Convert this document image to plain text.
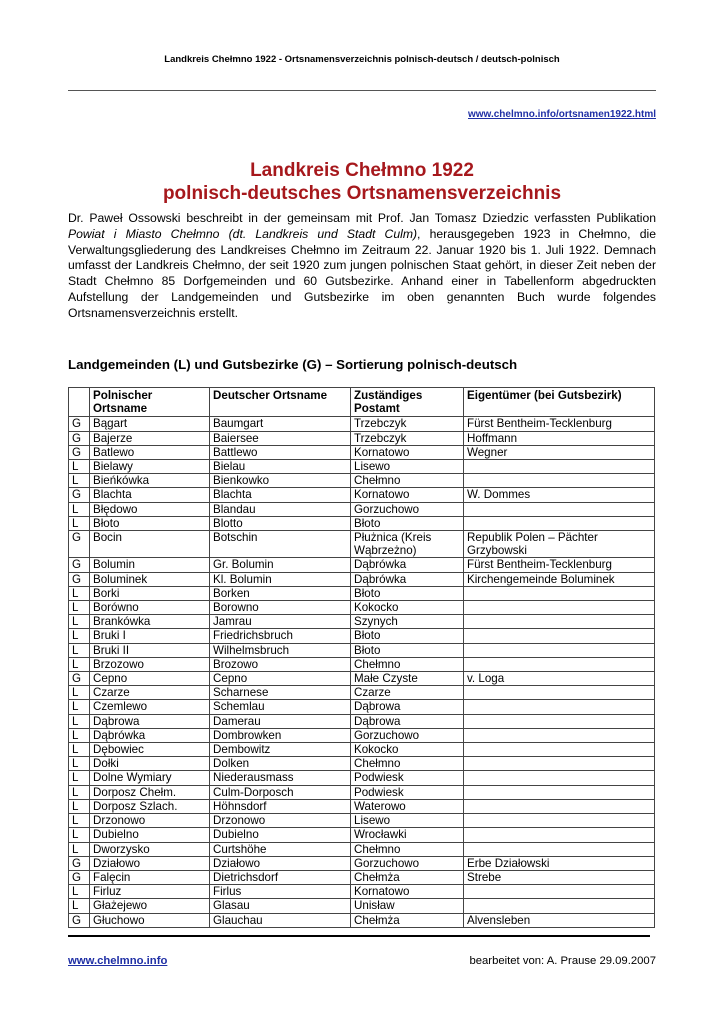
Landkreis Chełmno 1922 - Ortsnamensverzeichnis polnisch-deutsch / deutsch-polnisch
www.chelmno.info/ortsnamen1922.html
Landkreis Chełmno 1922
polnisch-deutsches Ortsnamensverzeichnis

Dr. Paweł Ossowski beschreibt in der gemeinsam mit Prof. Jan Tomasz Dziedzic verfassten Publikation Powiat i Miasto Chełmno (dt. Landkreis und Stadt Culm), herausgegeben 1923 in Chełmno, die Verwaltungsgliederung des Landkreises Chełmno im Zeitraum 22. Januar 1920 bis 1. Juli 1922. Demnach umfasst der Landkreis Chełmno, der seit 1920 zum jungen polnischen Staat gehört, in dieser Zeit neben der Stadt Chełmno 85 Dorfgemeinden und 60 Gutsbezirke. Anhand einer in Tabellenform abgedruckten Aufstellung der Landgemeinden und Gutsbezirke im oben genannten Buch wurde folgendes Ortsnamensverzeichnis erstellt.

Landgemeinden (L) und Gutsbezirke (G) – Sortierung polnisch-deutsch
	Polnischer Ortsname	Deutscher Ortsname	Zuständiges Postamt	Eigentümer (bei Gutsbezirk)
G	Bągart	Baumgart	Trzebczyk	Fürst Bentheim-Tecklenburg
G	Bajerze	Baiersee	Trzebczyk	Hoffmann
G	Batlewo	Battlewo	Kornatowo	Wegner
L	Bielawy	Bielau	Lisewo	
L	Bieńkówka	Bienkowko	Chełmno	
G	Blachta	Blachta	Kornatowo	W. Dommes
L	Błędowo	Blandau	Gorzuchowo	
L	Błoto	Blotto	Błoto	
G	Bocin	Botschin	Płużnica (Kreis Wąbrzeżno)	Republik Polen – Pächter Grzybowski
G	Bolumin	Gr. Bolumin	Dąbrówka	Fürst Bentheim-Tecklenburg
G	Boluminek	Kl. Bolumin	Dąbrówka	Kirchengemeinde Boluminek
L	Borki	Borken	Błoto	
L	Borówno	Borowno	Kokocko	
L	Brankówka	Jamrau	Szynych	
L	Bruki I	Friedrichsbruch	Błoto	
L	Bruki II	Wilhelmsbruch	Błoto	
L	Brzozowo	Brozowo	Chełmno	
G	Cepno	Cepno	Małe Czyste	v. Loga
L	Czarze	Scharnese	Czarze	
L	Czemlewo	Schemlau	Dąbrowa	
L	Dąbrowa	Damerau	Dąbrowa	
L	Dąbrówka	Dombrowken	Gorzuchowo	
L	Dębowiec	Dembowitz	Kokocko	
L	Dołki	Dolken	Chełmno	
L	Dolne Wymiary	Niederausmass	Podwiesk	
L	Dorposz Chełm.	Culm-Dorposch	Podwiesk	
L	Dorposz Szlach.	Höhnsdorf	Waterowo	
L	Drzonowo	Drzonowo	Lisewo	
L	Dubielno	Dubielno	Wrocławki	
L	Dworzysko	Curtshöhe	Chełmno	
G	Działowo	Działowo	Gorzuchowo	Erbe Działowski
G	Falęcin	Dietrichsdorf	Chełmża	Strebe
L	Firluz	Firlus	Kornatowo	
L	Głażejewo	Glasau	Unisław	
G	Głuchowo	Glauchau	Chełmża	Alvensleben
www.chelmno.info	bearbeitet von: A. Prause 29.09.2007
